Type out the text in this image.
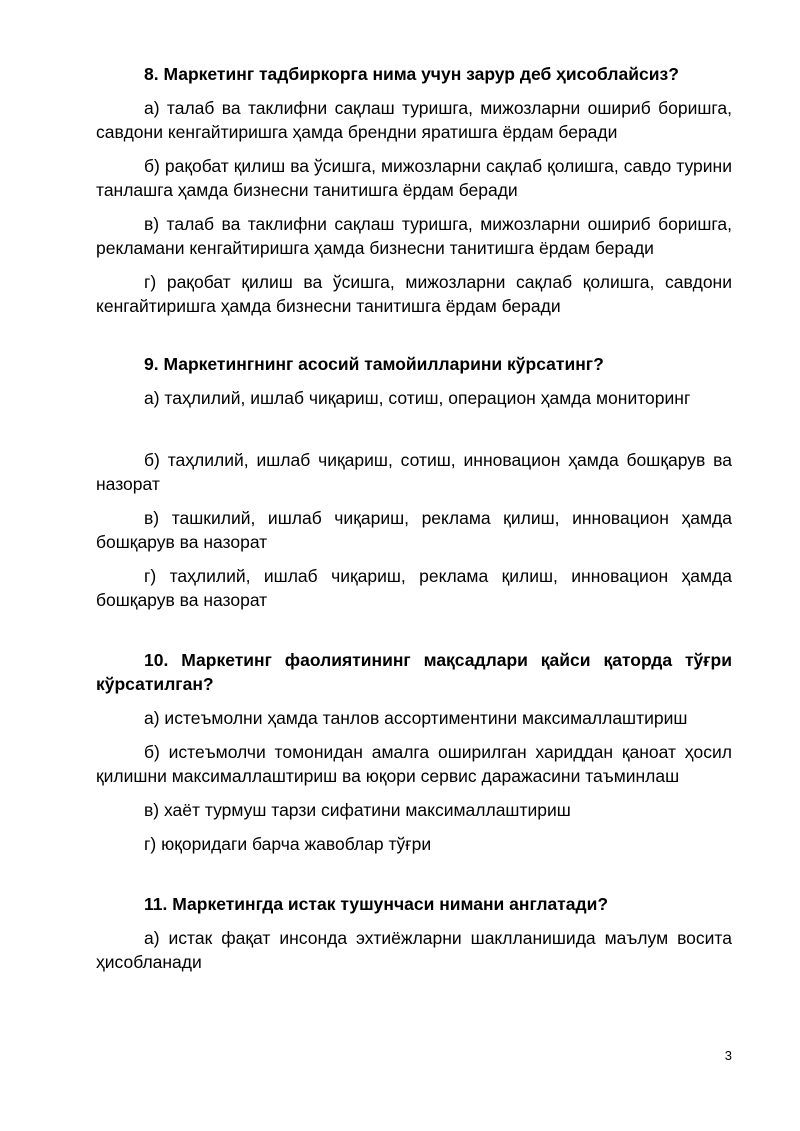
8. Маркетинг тадбиркорга нима учун зарур деб ҳисоблайсиз?

а) талаб ва таклифни сақлаш туришга, мижозларни ошириб боришга, савдони кенгайтиришга ҳамда брендни яратишга ёрдам беради

б) рақобат қилиш ва ўсишга, мижозларни сақлаб қолишга, савдо турини танлашга ҳамда бизнесни танитишга ёрдам беради

в) талаб ва таклифни сақлаш туришга, мижозларни ошириб боришга, рекламани кенгайтиришга ҳамда бизнесни танитишга ёрдам беради

г) рақобат қилиш ва ўсишга, мижозларни сақлаб қолишга, савдони кенгайтиришга ҳамда бизнесни танитишга ёрдам беради

9. Маркетингнинг асосий тамойилларини кўрсатинг?

а) таҳлилий, ишлаб чиқариш, сотиш, операцион ҳамда мониторинг

б) таҳлилий, ишлаб чиқариш, сотиш, инновацион ҳамда бошқарув ва назорат

в) ташкилий, ишлаб чиқариш, реклама қилиш, инновацион ҳамда бошқарув ва назорат

г) таҳлилий, ишлаб чиқариш, реклама қилиш, инновацион ҳамда бошқарув ва назорат

10. Маркетинг фаолиятининг мақсадлари қайси қаторда тўғри кўрсатилган?

а) истеъмолни ҳамда танлов ассортиментини максималлаштириш

б) истеъмолчи томонидан амалга оширилган хариддан қаноат ҳосил қилишни максималлаштириш ва юқори сервис даражасини таъминлаш

в) хаёт турмуш тарзи сифатини максималлаштириш

г) юқоридаги барча жавоблар тўғри

11. Маркетингда истак тушунчаси нимани англатади?

а) истак фақат инсонда эхтиёжларни шаклланишида маълум восита ҳисобланади

3
